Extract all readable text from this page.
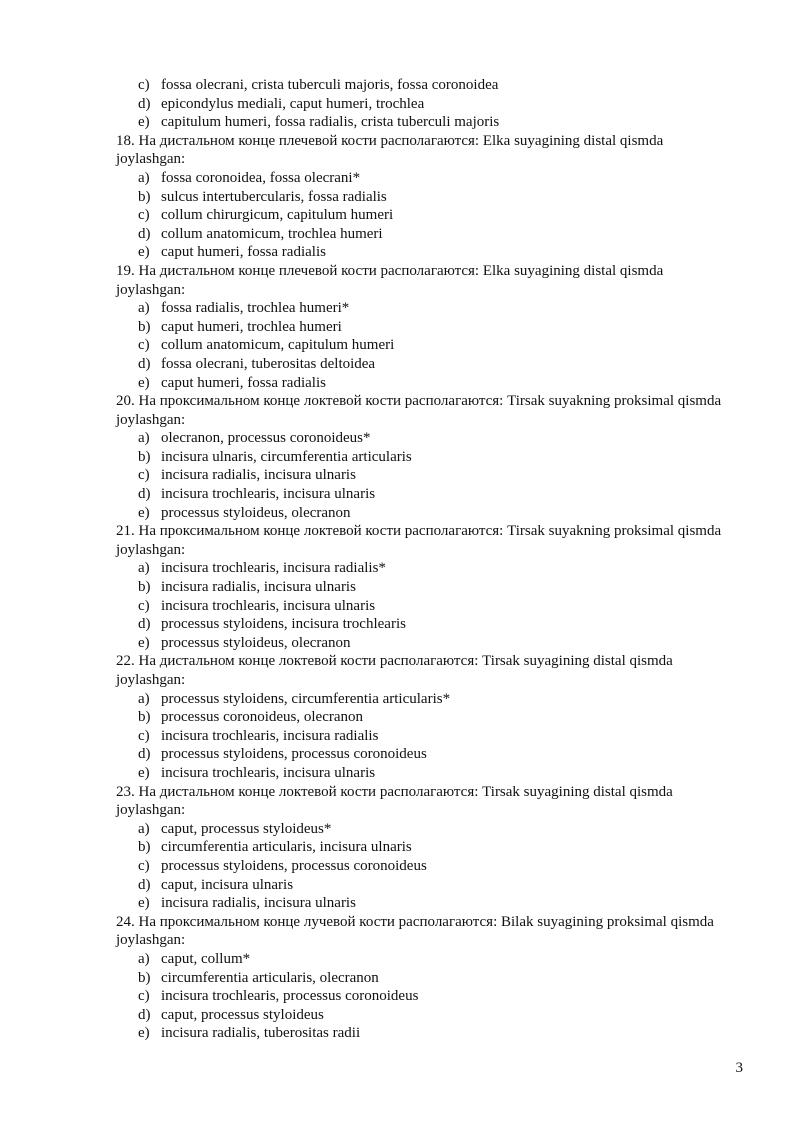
c) fossa olecrani, crista tuberculi majoris, fossa coronoidea
d) epicondylus mediali, caput humeri, trochlea
e) capitulum humeri, fossa radialis, crista tuberculi majoris

18. На дистальном конце плечевой кости располагаются: Elka suyagining distal qismda joylashgan:

a) fossa coronoidea, fossa olecrani*
b) sulcus intertubercularis, fossa radialis
c) collum chirurgicum, capitulum humeri
d) collum anatomicum, trochlea humeri
e) caput humeri, fossa radialis

19. На дистальном конце плечевой кости располагаются: Elka suyagining distal qismda joylashgan:

a) fossa radialis, trochlea humeri*
b) caput humeri, trochlea humeri
c) collum anatomicum, capitulum humeri
d) fossa olecrani, tuberositas deltoidea
e) caput humeri, fossa radialis

20. На проксимальном конце локтевой кости располагаются: Tirsak suyakning proksimal qismda joylashgan:

a) olecranon, processus coronoideus*
b) incisura ulnaris, circumferentia articularis
c) incisura radialis, incisura ulnaris
d) incisura trochlearis, incisura ulnaris
e) processus styloideus, olecranon

21. На проксимальном конце локтевой кости располагаются: Tirsak suyakning proksimal qismda joylashgan:

a) incisura trochlearis, incisura radialis*
b) incisura radialis, incisura ulnaris
c) incisura trochlearis, incisura ulnaris
d) processus styloidens, incisura trochlearis
e) processus styloideus, olecranon

22. На дистальном конце локтевой кости располагаются: Tirsak suyagining distal qismda joylashgan:

a) processus styloidens, circumferentia articularis*
b) processus coronoideus, olecranon
c) incisura trochlearis, incisura radialis
d) processus styloidens, processus coronoideus
e) incisura trochlearis, incisura ulnaris

23. На дистальном конце локтевой кости располагаются: Tirsak suyagining distal qismda joylashgan:

a) caput, processus styloideus*
b) circumferentia articularis, incisura ulnaris
c) processus styloidens, processus coronoideus
d) caput, incisura ulnaris
e) incisura radialis, incisura ulnaris

24. На проксимальном конце лучевой кости располагаются: Bilak suyagining proksimal qismda joylashgan:

a) caput, collum*
b) circumferentia articularis, olecranon
c) incisura trochlearis, processus coronoideus
d) caput, processus styloideus
e) incisura radialis, tuberositas radii
3
